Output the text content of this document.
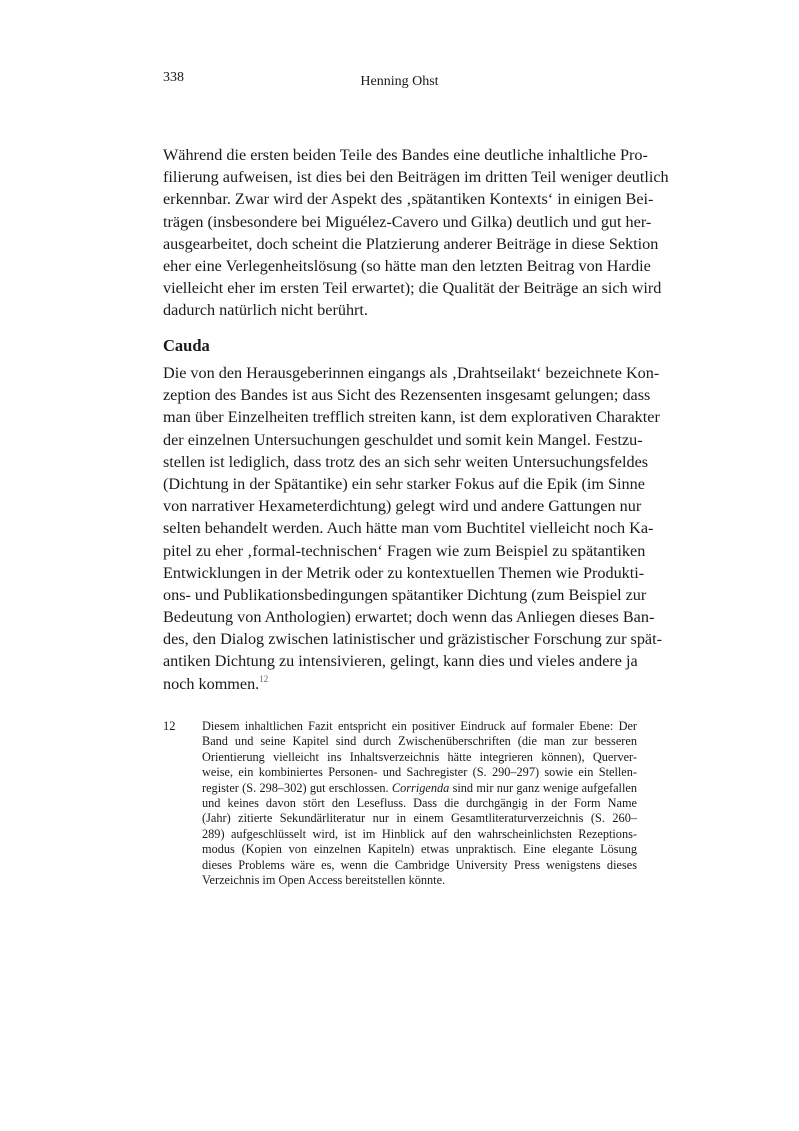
338	Henning Ohst
Während die ersten beiden Teile des Bandes eine deutliche inhaltliche Pro-
filierung aufweisen, ist dies bei den Beiträgen im dritten Teil weniger deutlich
erkennbar. Zwar wird der Aspekt des ‚spätantiken Kontexts‘ in einigen Bei-
trägen (insbesondere bei Miguélez-Cavero und Gilka) deutlich und gut her-
ausgearbeitet, doch scheint die Platzierung anderer Beiträge in diese Sektion
eher eine Verlegenheitslösung (so hätte man den letzten Beitrag von Hardie
vielleicht eher im ersten Teil erwartet); die Qualität der Beiträge an sich wird
dadurch natürlich nicht berührt.
Cauda
Die von den Herausgeberinnen eingangs als ‚Drahtseilakt‘ bezeichnete Kon-
zeption des Bandes ist aus Sicht des Rezensenten insgesamt gelungen; dass
man über Einzelheiten trefflich streiten kann, ist dem explorativen Charakter
der einzelnen Untersuchungen geschuldet und somit kein Mangel. Festzu-
stellen ist lediglich, dass trotz des an sich sehr weiten Untersuchungsfeldes
(Dichtung in der Spätantike) ein sehr starker Fokus auf die Epik (im Sinne
von narrativer Hexameterdichtung) gelegt wird und andere Gattungen nur
selten behandelt werden. Auch hätte man vom Buchtitel vielleicht noch Ka-
pitel zu eher ‚formal-technischen‘ Fragen wie zum Beispiel zu spätantiken
Entwicklungen in der Metrik oder zu kontextuellen Themen wie Produkti-
ons- und Publikationsbedingungen spätantiker Dichtung (zum Beispiel zur
Bedeutung von Anthologien) erwartet; doch wenn das Anliegen dieses Ban-
des, den Dialog zwischen latinistischer und gräzistischer Forschung zur spät-
antiken Dichtung zu intensivieren, gelingt, kann dies und vieles andere ja
noch kommen.$^{12}$
12 Diesem inhaltlichen Fazit entspricht ein positiver Eindruck auf formaler Ebene: Der
Band und seine Kapitel sind durch Zwischenüberschriften (die man zur besseren
Orientierung vielleicht ins Inhaltsverzeichnis hätte integrieren können), Querver-
weise, ein kombiniertes Personen- und Sachregister (S. 290–297) sowie ein Stellen-
register (S. 298–302) gut erschlossen. Corrigenda sind mir nur ganz wenige aufgefallen
und keines davon stört den Lesefluss. Dass die durchgängig in der Form Name
(Jahr) zitierte Sekundärliteratur nur in einem Gesamtliteraturverzeichnis (S. 260–
289) aufgeschlüsselt wird, ist im Hinblick auf den wahrscheinlichsten Rezeptions-
modus (Kopien von einzelnen Kapiteln) etwas unpraktisch. Eine elegante Lösung
dieses Problems wäre es, wenn die Cambridge University Press wenigstens dieses
Verzeichnis im Open Access bereitstellen könnte.
